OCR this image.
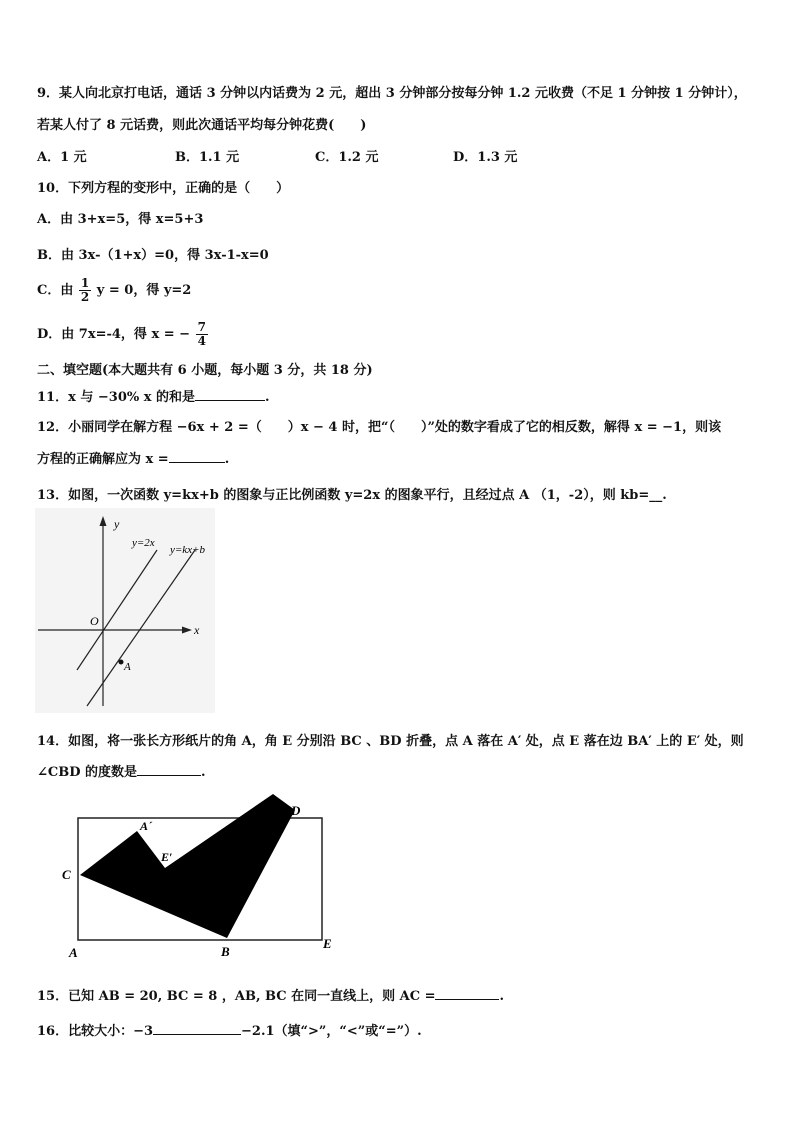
9．某人向北京打电话，通话 3 分钟以内话费为 2 元，超出 3 分钟部分按每分钟 1.2 元收费（不足 1 分钟按 1 分钟计），
若某人付了 8 元话费，则此次通话平均每分钟花费(　　)
A．1 元	B．1.1 元	C．1.2 元	D．1.3 元
10．下列方程的变形中，正确的是（　　）
A．由 3+x=5，得 x=5+3
B．由 3x-（1+x）=0，得 3x-1-x=0
C．由 $\frac{1}{2}$ y = 0，得 y=2
D．由 7x=-4，得 x = − $\frac{7}{4}$
二、填空题(本大题共有 6 小题，每小题 3 分，共 18 分)
11．x 与 −30% x 的和是	.
12．小丽同学在解方程 −6x + 2 =（　　）x − 4 时，把“（　　）”处的数字看成了它的相反数，解得 x = −1，则该
方程的正确解应为 x =	.
13．如图，一次函数 y=kx+b 的图象与正比例函数 y=2x 的图象平行，且经过点 A （1，-2），则 kb=__.
y
x
O
y=2x
y=kx+b
A
14．如图，将一张长方形纸片的角 A，角 E 分别沿 BC 、BD 折叠，点 A 落在 A′ 处，点 E 落在边 BA′ 上的 E′ 处，则
∠CBD 的度数是	.
C
A´
E′
D
A	B
E
15．已知 AB = 20, BC = 8 ，AB, BC 在同一直线上，则 AC =	.
16．比较大小：−3	−2.1（填“>”，“<”或“=”）.
